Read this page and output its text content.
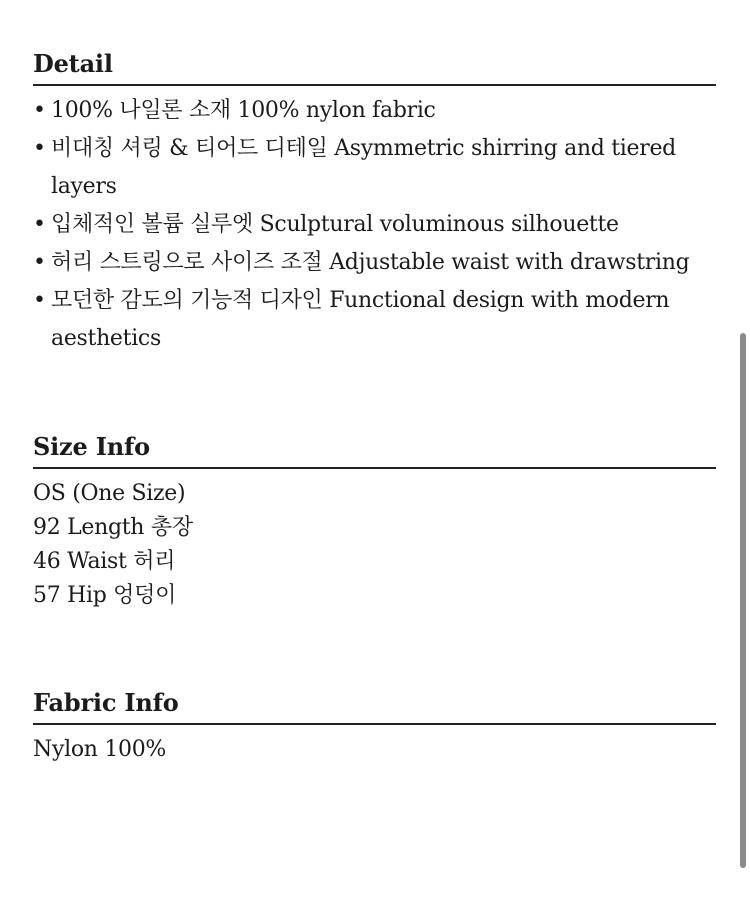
Detail
• 100% 나일론 소재 100% nylon fabric
• 비대칭 셔링 & 티어드 디테일 Asymmetric shirring and tiered layers
• 입체적인 볼륨 실루엣 Sculptural voluminous silhouette
• 허리 스트링으로 사이즈 조절 Adjustable waist with drawstring
• 모던한 감도의 기능적 디자인 Functional design with modern aesthetics
Size Info
OS (One Size)
92 Length 총장
46 Waist 허리
57 Hip 엉덩이
Fabric Info
Nylon 100%
